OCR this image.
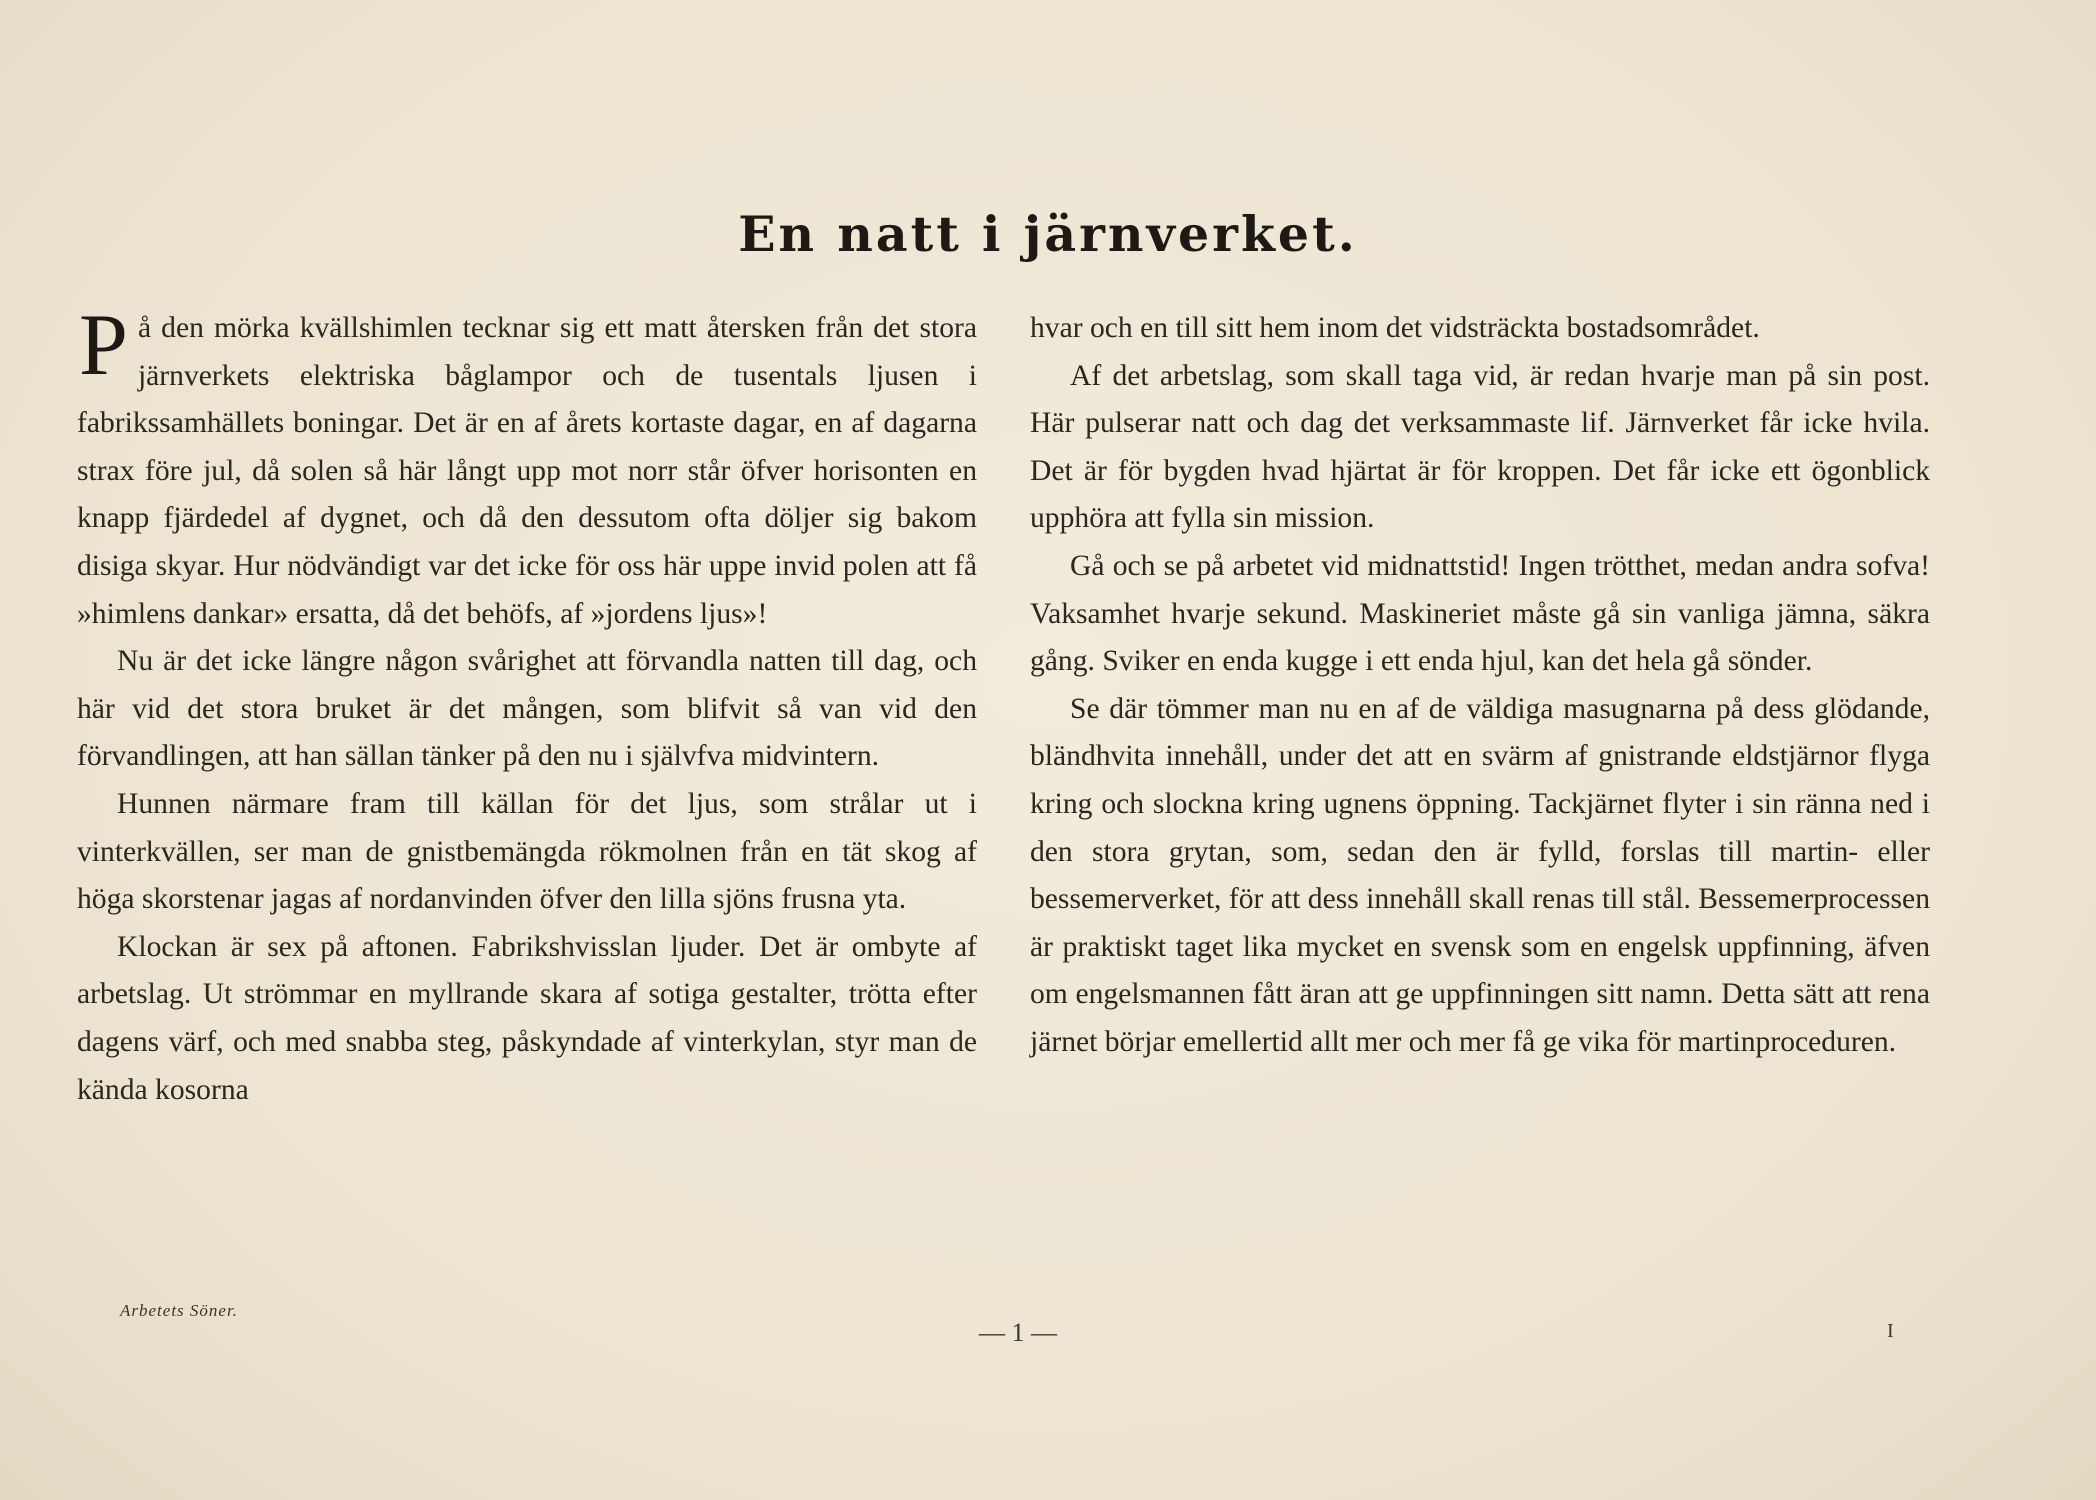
En natt i järnverket.

På den mörka kvällshimlen tecknar sig ett matt återsken från det stora järnverkets elektriska båglampor och de tusentals ljusen i fabrikssamhällets boningar. Det är en af årets kortaste dagar, en af dagarna strax före jul, då solen så här långt upp mot norr står öfver horisonten en knapp fjärdedel af dygnet, och då den dessutom ofta döljer sig bakom disiga skyar. Hur nödvändigt var det icke för oss här uppe invid polen att få »himlens dankar» ersatta, då det behöfs, af »jordens ljus»!

Nu är det icke längre någon svårighet att förvandla natten till dag, och här vid det stora bruket är det mången, som blifvit så van vid den förvandlingen, att han sällan tänker på den nu i självfva midvintern.

Hunnen närmare fram till källan för det ljus, som strålar ut i vinterkvällen, ser man de gnistbemängda rökmolnen från en tät skog af höga skorstenar jagas af nordanvinden öfver den lilla sjöns frusna yta.

Klockan är sex på aftonen. Fabrikshvisslan ljuder. Det är ombyte af arbetslag. Ut strömmar en myllrande skara af sotiga gestalter, trötta efter dagens värf, och med snabba steg, påskyndade af vinterkylan, styr man de kända kosorna

hvar och en till sitt hem inom det vidsträckta bostadsområdet.

Af det arbetslag, som skall taga vid, är redan hvarje man på sin post. Här pulserar natt och dag det verksammaste lif. Järnverket får icke hvila. Det är för bygden hvad hjärtat är för kroppen. Det får icke ett ögonblick upphöra att fylla sin mission.

Gå och se på arbetet vid midnattstid! Ingen trötthet, medan andra sofva! Vaksamhet hvarje sekund. Maskineriet måste gå sin vanliga jämna, säkra gång. Sviker en enda kugge i ett enda hjul, kan det hela gå sönder.

Se där tömmer man nu en af de väldiga masugnarna på dess glödande, bländhvita innehåll, under det att en svärm af gnistrande eldstjärnor flyga kring och slockna kring ugnens öppning. Tackjärnet flyter i sin ränna ned i den stora grytan, som, sedan den är fylld, forslas till martin- eller bessemerverket, för att dess innehåll skall renas till stål. Bessemerprocessen är praktiskt taget lika mycket en svensk som en engelsk uppfinning, äfven om engelsmannen fått äran att ge uppfinningen sitt namn. Detta sätt att rena järnet börjar emellertid allt mer och mer få ge vika för martinproceduren.

Arbetets Söner.
— 1 —	I
